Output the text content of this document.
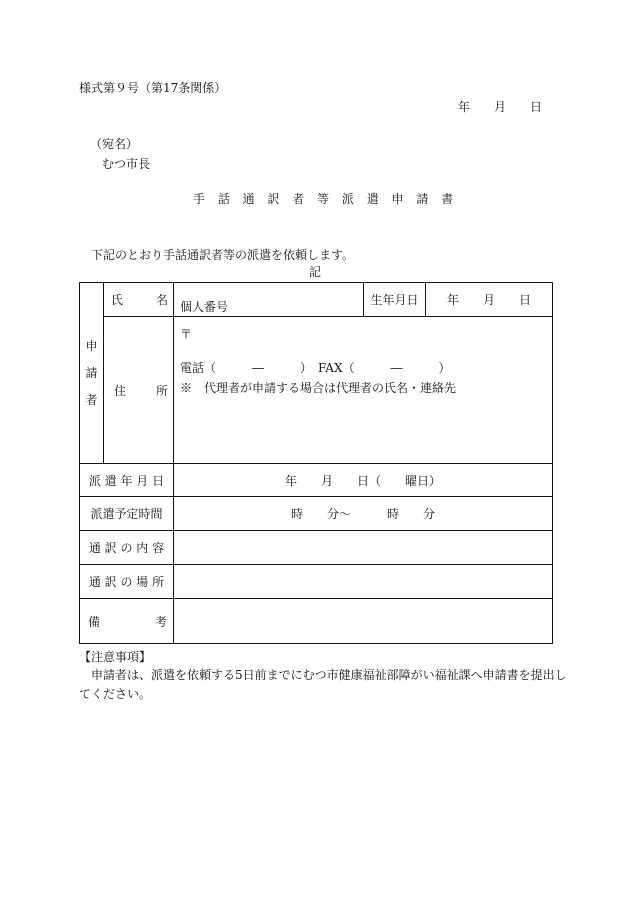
様式第９号（第17条関係）
年　　月　　日
（宛名）
むつ市長
手 話 通 訳 者 等 派 遣 申 請 書
下記のとおり手話通訳者等の派遣を依頼します。
記
申
請
者	氏 名	個人番号	生年月日	年　　月　　日

	住 所	〒
電話（　　　―　　　）　FAX（　　　―　　　）
※　代理者が申請する場合は代理者の氏名・連絡先		

派 遣 年 月 日		年　　月　　日（　　曜日）		
派遣予定時間		時　　分～　　　時　　分		
通 訳 の 内 容				
通 訳 の 場 所				

備 考				

【注意事項】
申請者は、派遣を依頼する5日前までにむつ市健康福祉部障がい福祉課へ申請書を提出し
てください。
